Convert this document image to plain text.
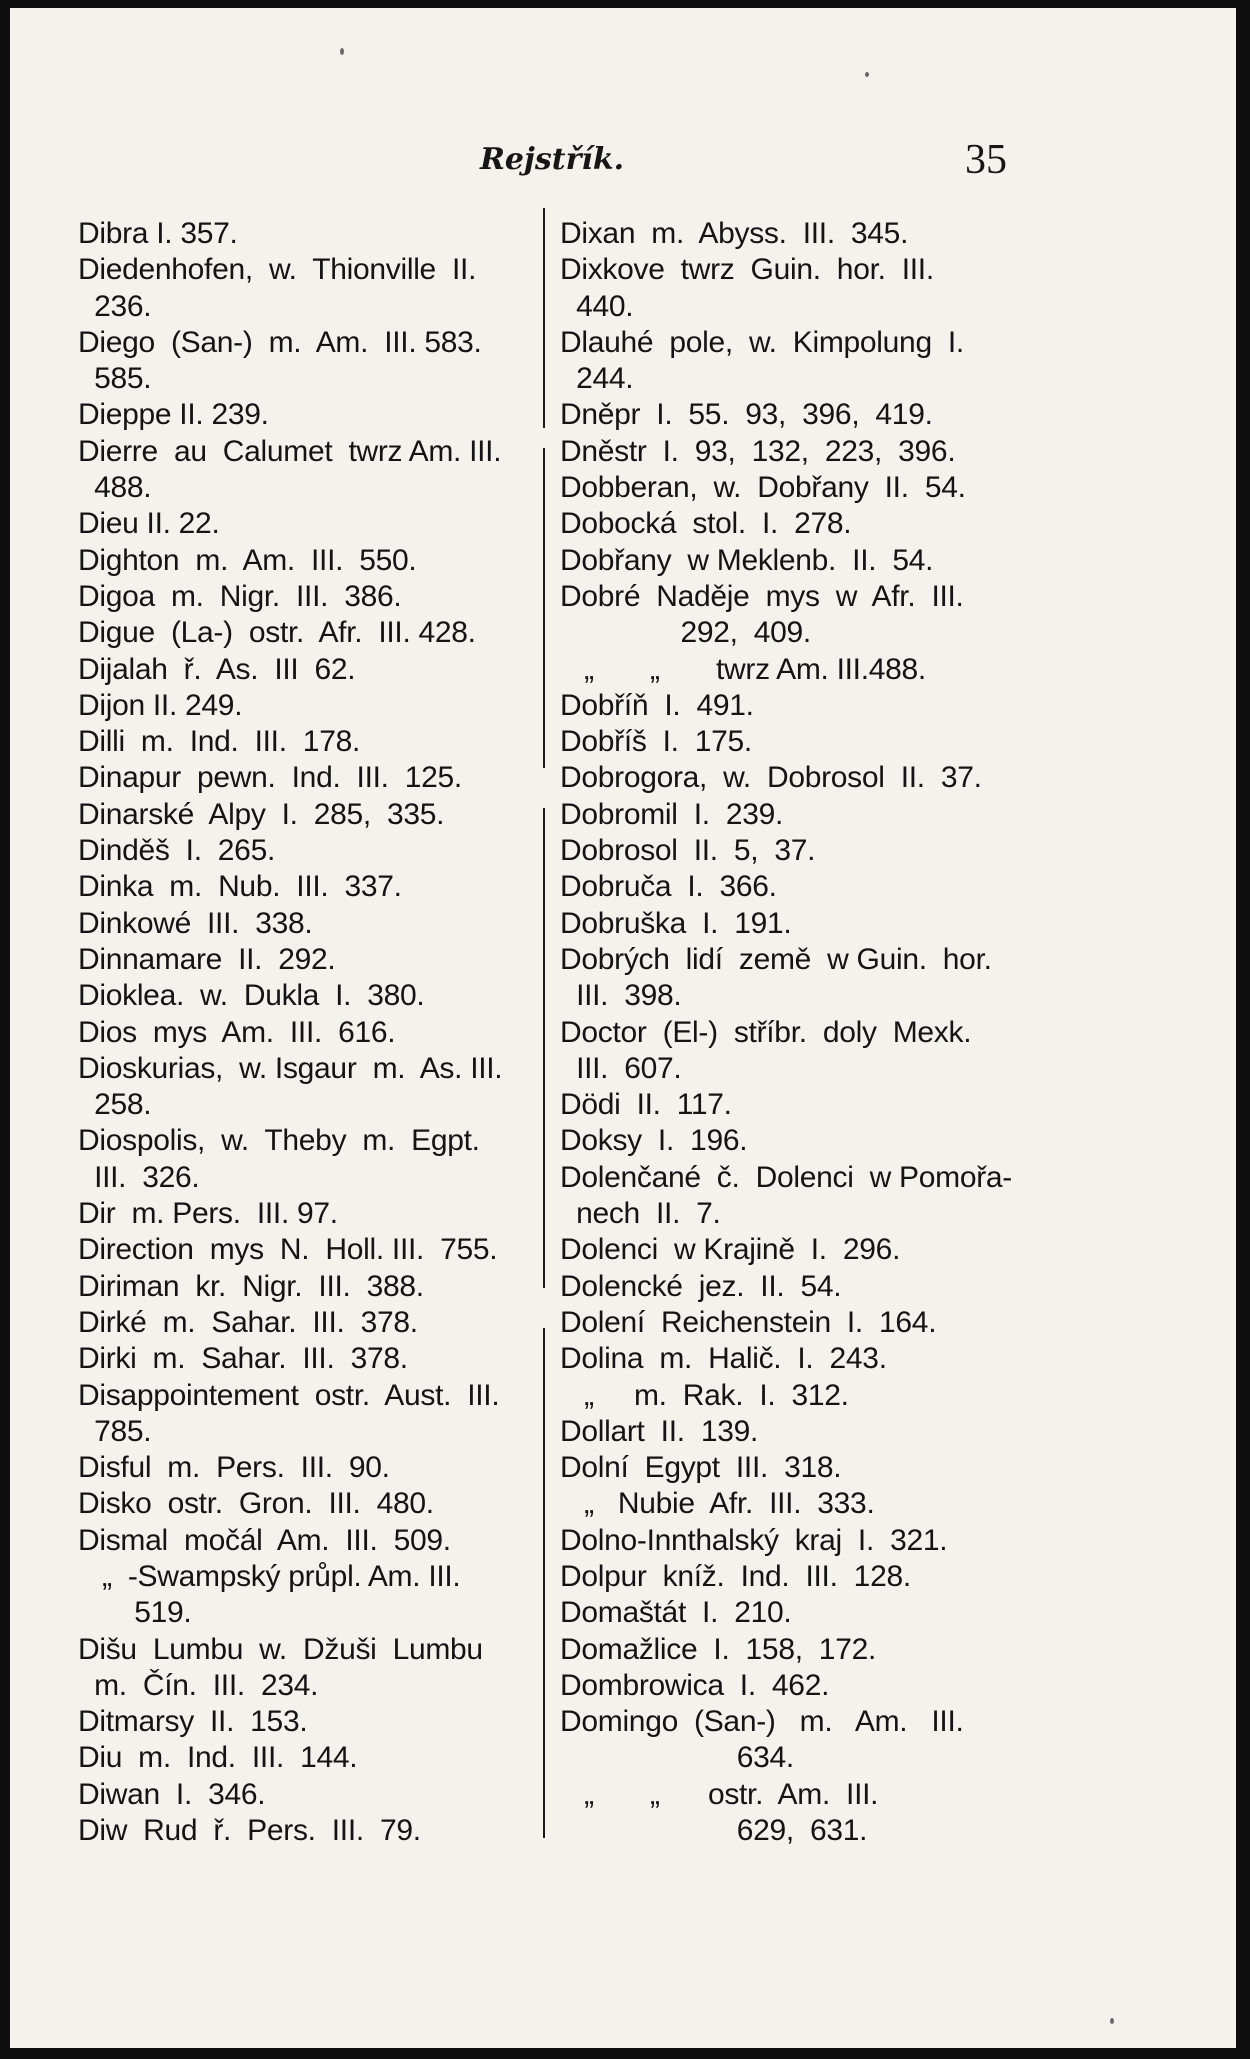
Rejstřík.	35
Dibra I. 357.
Diedenhofen,  w.  Thionville  II.
236.
Diego  (San-)  m.  Am.  III. 583.
585.
Dieppe II. 239.
Dierre  au  Calumet  twrz Am. III.
488.
Dieu II. 22.
Dighton  m.  Am.  III.  550.
Digoa  m.  Nigr.  III.  386.
Digue  (La-)  ostr.  Afr.  III. 428.
Dijalah  ř.  As.  III  62.
Dijon II. 249.
Dilli  m.  Ind.  III.  178.
Dinapur  pewn.  Ind.  III.  125.
Dinarské  Alpy  I.  285,  335.
Dinděš  I.  265.
Dinka  m.  Nub.  III.  337.
Dinkowé  III.  338.
Dinnamare  II.  292.
Dioklea.  w.  Dukla  I.  380.
Dios  mys  Am.  III.  616.
Dioskurias,  w. Isgaur  m.  As. III.
258.
Diospolis,  w.  Theby  m.  Egpt.
III.  326.
Dir  m. Pers.  III. 97.
Direction  mys  N.  Holl. III.  755.
Diriman  kr.  Nigr.  III.  388.
Dirké  m.  Sahar.  III.  378.
Dirki  m.  Sahar.  III.  378.
Disappointement  ostr.  Aust.  III.
785.
Disful  m.  Pers.  III.  90.
Disko  ostr.  Gron.  III.  480.
Dismal  močál  Am.  III.  509.
„  -Swampský průpl. Am. III.
519.
Dišu  Lumbu  w.  Džuši  Lumbu
m.  Čín.  III.  234.
Ditmarsy  II.  153.
Diu  m.  Ind.  III.  144.
Diwan  I.  346.
Diw  Rud  ř.  Pers.  III.  79.
Dixan  m.  Abyss.  III.  345.
Dixkove  twrz  Guin.  hor.  III.
440.
Dlauhé  pole,  w.  Kimpolung  I.
244.
Dněpr  I.  55.  93,  396,  419.
Dněstr  I.  93,  132,  223,  396.
Dobberan,  w.  Dobřany  II.  54.
Dobocká  stol.  I.  278.
Dobřany  w Meklenb.  II.  54.
Dobré  Naděje  mys  w  Afr.  III.
292,  409.
„       „       twrz Am. III.488.
Dobříň  I.  491.
Dobříš  I.  175.
Dobrogora,  w.  Dobrosol  II.  37.
Dobromil  I.  239.
Dobrosol  II.  5,  37.
Dobruča  I.  366.
Dobruška  I.  191.
Dobrých  lidí  země  w Guin.  hor.
III.  398.
Doctor  (El-)  stříbr.  doly  Mexk.
III.  607.
Dödi  II.  117.
Doksy  I.  196.
Dolenčané  č.  Dolenci  w Pomořa-
nech  II.  7.
Dolenci  w Krajině  I.  296.
Dolencké  jez.  II.  54.
Dolení  Reichenstein  I.  164.
Dolina  m.  Halič.  I.  243.
„     m.  Rak.  I.  312.
Dollart  II.  139.
Dolní  Egypt  III.  318.
„   Nubie  Afr.  III.  333.
Dolno-Innthalský  kraj  I.  321.
Dolpur  kníž.  Ind.  III.  128.
Domaštát  I.  210.
Domažlice  I.  158,  172.
Dombrowica  I.  462.
Domingo  (San-)   m.   Am.   III.
634.
„       „      ostr.  Am.  III.
629,  631.
